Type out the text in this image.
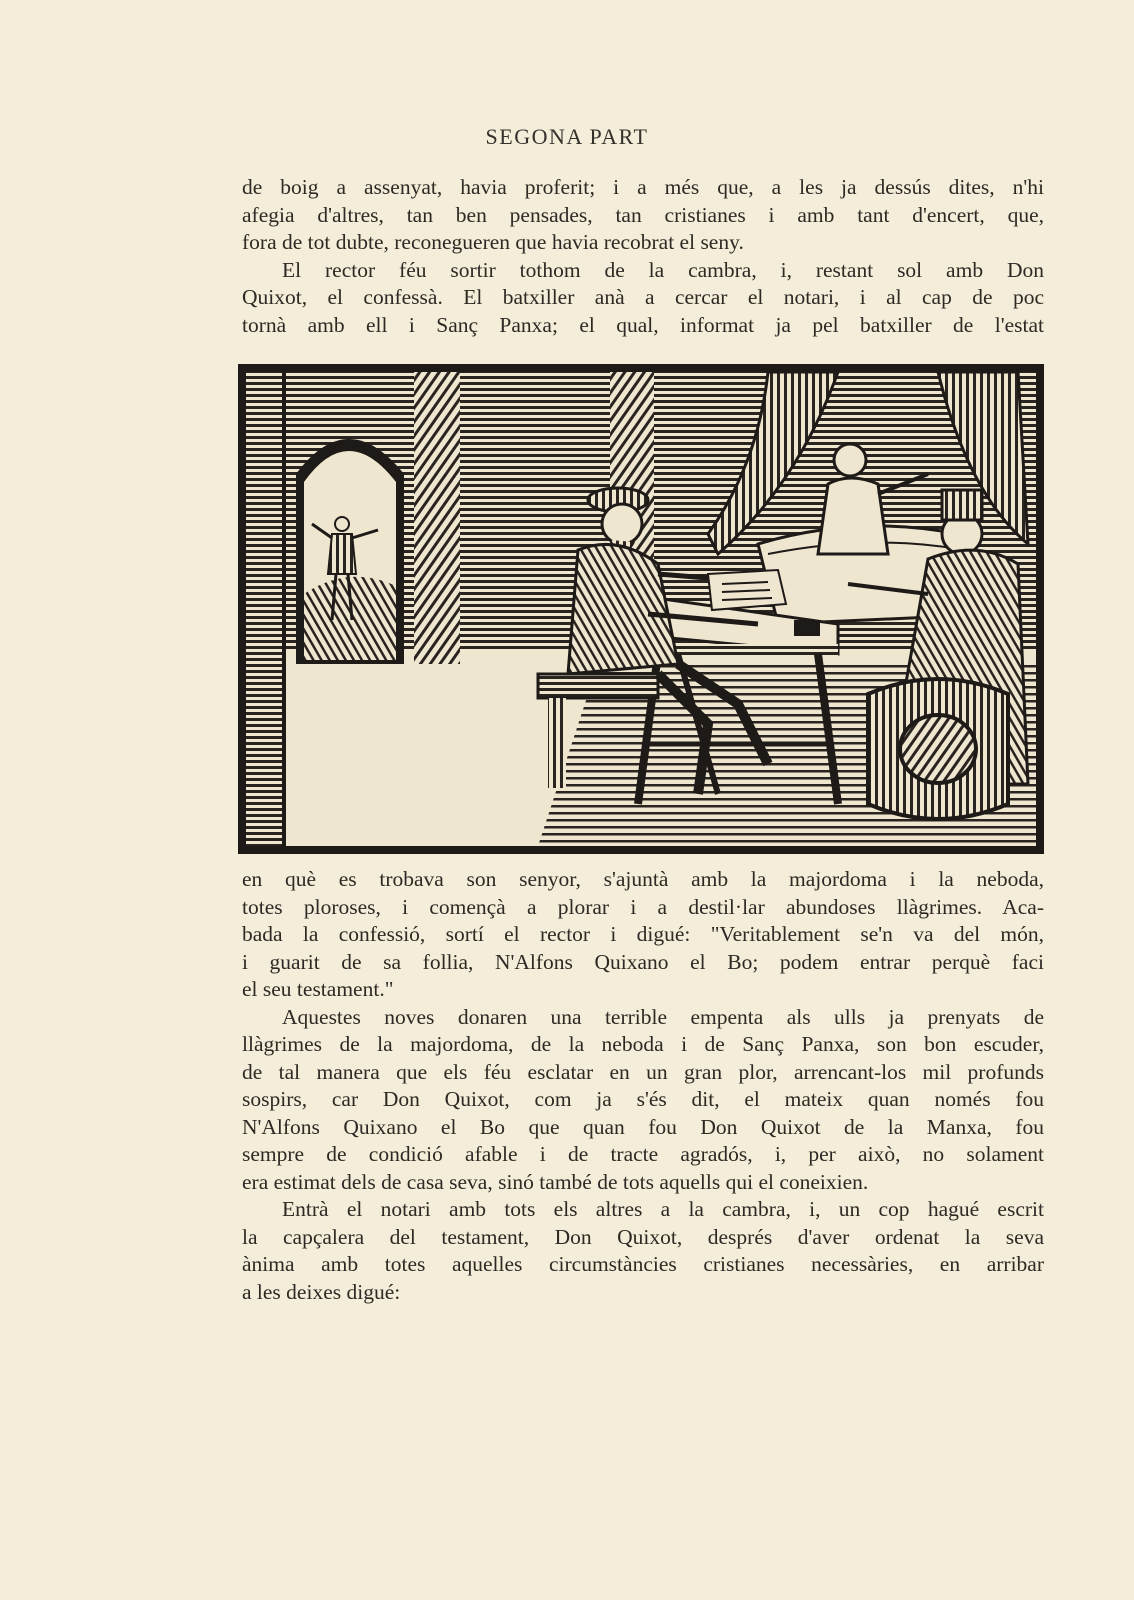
SEGONA PART
de boig a assenyat, havia proferit; i a més que, a les ja dessús dites, n'hi
afegia d'altres, tan ben pensades, tan cristianes i amb tant d'encert, que,
fora de tot dubte, reconegueren que havia recobrat el seny.
El rector féu sortir tothom de la cambra, i, restant sol amb Don
Quixot, el confessà. El batxiller anà a cercar el notari, i al cap de poc
tornà amb ell i Sanç Panxa; el qual, informat ja pel batxiller de l'estat
en què es trobava son senyor, s'ajuntà amb la majordoma i la neboda,
totes ploroses, i començà a plorar i a destil·lar abundoses llàgrimes. Aca-
bada la confessió, sortí el rector i digué: "Veritablement se'n va del món,
i guarit de sa follia, N'Alfons Quixano el Bo; podem entrar perquè faci
el seu testament."
Aquestes noves donaren una terrible empenta als ulls ja prenyats de
llàgrimes de la majordoma, de la neboda i de Sanç Panxa, son bon escuder,
de tal manera que els féu esclatar en un gran plor, arrencant-los mil profunds
sospirs, car Don Quixot, com ja s'és dit, el mateix quan només fou
N'Alfons Quixano el Bo que quan fou Don Quixot de la Manxa, fou
sempre de condició afable i de tracte agradós, i, per això, no solament
era estimat dels de casa seva, sinó també de tots aquells qui el coneixien.
Entrà el notari amb tots els altres a la cambra, i, un cop hagué escrit
la capçalera del testament, Don Quixot, després d'aver ordenat la seva
ànima amb totes aquelles circumstàncies cristianes necessàries, en arribar
a les deixes digué:
